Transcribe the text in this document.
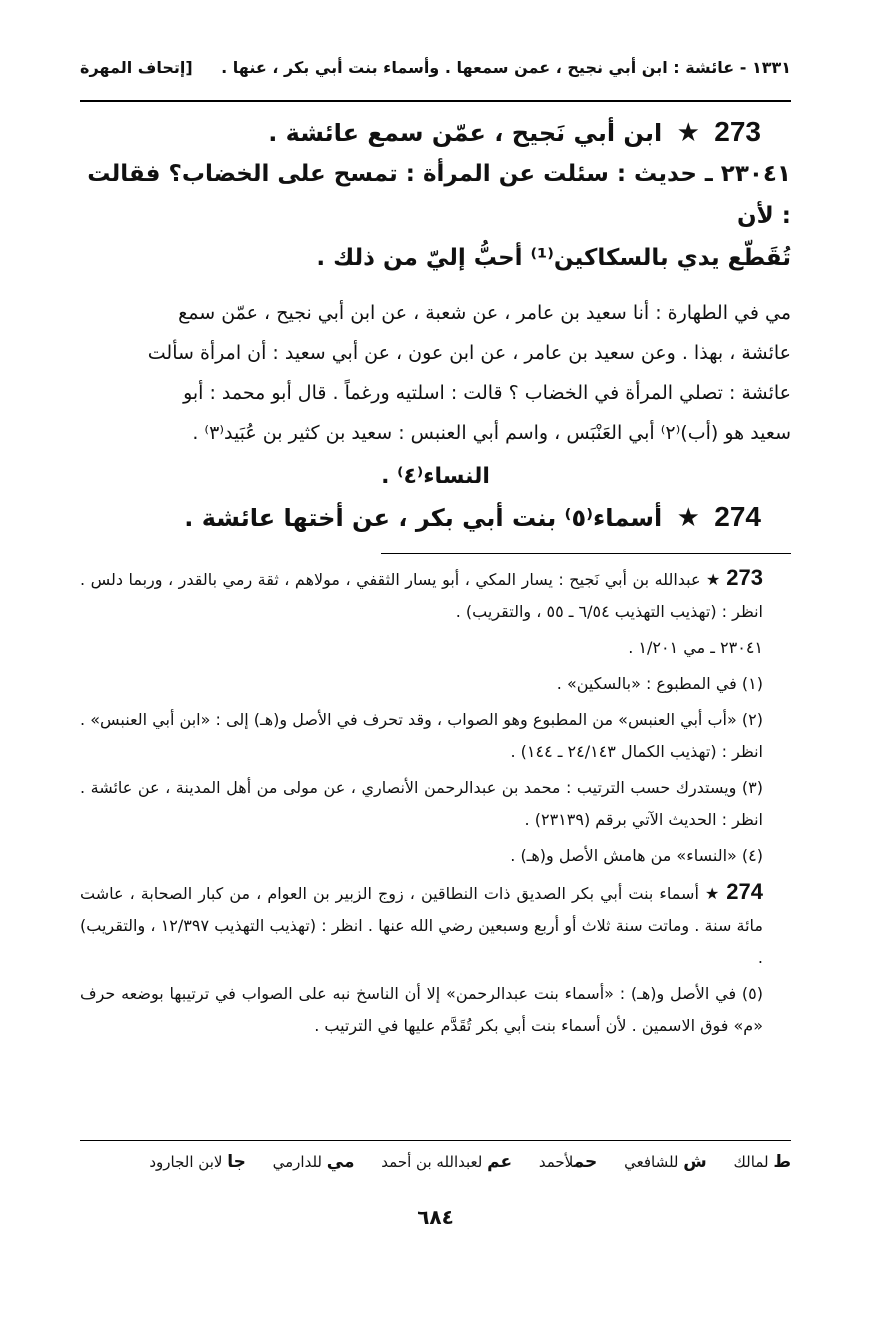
١٣٣١ - عائشة : ابن أبي نجيح ، عمن سمعها . وأسماء بنت أبي بكر ، عنها .
[إتحاف المهرة
273 ★ ابن أبي نَجيح ، عمّن سمع عائشة .
٢٣٠٤١ ـ حديث : سئلت عن المرأة : تمسح على الخضاب؟ فقالت : لأن
تُقَطّع يدي بالسكاكين⁽¹⁾ أحبُّ إليّ من ذلك .

مي في الطهارة : أنا سعيد بن عامر ، عن شعبة ، عن ابن أبي نجيح ، عمّن سمع

عائشة ، بهذا . وعن سعيد بن عامر ، عن ابن عون ، عن أبي سعيد : أن امرأة سألت

عائشة : تصلي المرأة في الخضاب ؟ قالت : اسلتيه ورغماً . قال أبو محمد : أبو

سعيد هو (أب)⁽٢⁾ أبي العَنْبَس ، واسم أبي العنبس : سعيد بن كثير بن عُبَيد⁽٣⁾ .

النساء⁽٤⁾ .
274 ★ أسماء⁽٥⁾ بنت أبي بكر ، عن أختها عائشة .

273 ★ عبدالله بن أبي نَجيح : يسار المكي ، أبو يسار الثقفي ، مولاهم ، ثقة رمي بالقدر ، وربما دلس . انظر : (تهذيب التهذيب ٦/٥٤ ـ ٥٥ ، والتقريب) .

٢٣٠٤١ ـ مي ١/٢٠١ .

(١) في المطبوع : «بالسكين» .

(٢) «أب أبي العنبس» من المطبوع وهو الصواب ، وقد تحرف في الأصل و(هـ) إلى : «ابن أبي العنبس» . انظر : (تهذيب الكمال ٢٤/١٤٣ ـ ١٤٤) .

(٣) ويستدرك حسب الترتيب : محمد بن عبدالرحمن الأنصاري ، عن مولى من أهل المدينة ، عن عائشة . انظر : الحديث الآتي برقم (٢٣١٣٩) .

(٤) «النساء» من هامش الأصل و(هـ) .

274 ★ أسماء بنت أبي بكر الصديق ذات النطاقين ، زوج الزبير بن العوام ، من كبار الصحابة ، عاشت مائة سنة . وماتت سنة ثلاث أو أربع وسبعين رضي الله عنها . انظر : (تهذيب التهذيب ١٢/٣٩٧ ، والتقريب) .

(٥) في الأصل و(هـ) : «أسماء بنت عبدالرحمن» إلا أن الناسخ نبه على الصواب في ترتيبها بوضعه حرف «م» فوق الاسمين . لأن أسماء بنت أبي بكر تُقَدَّم عليها في الترتيب .

ط لمالك ش للشافعي حملأحمد عم لعبدالله بن أحمد مي للدارمي جا لابن الجارود
٦٨٤
